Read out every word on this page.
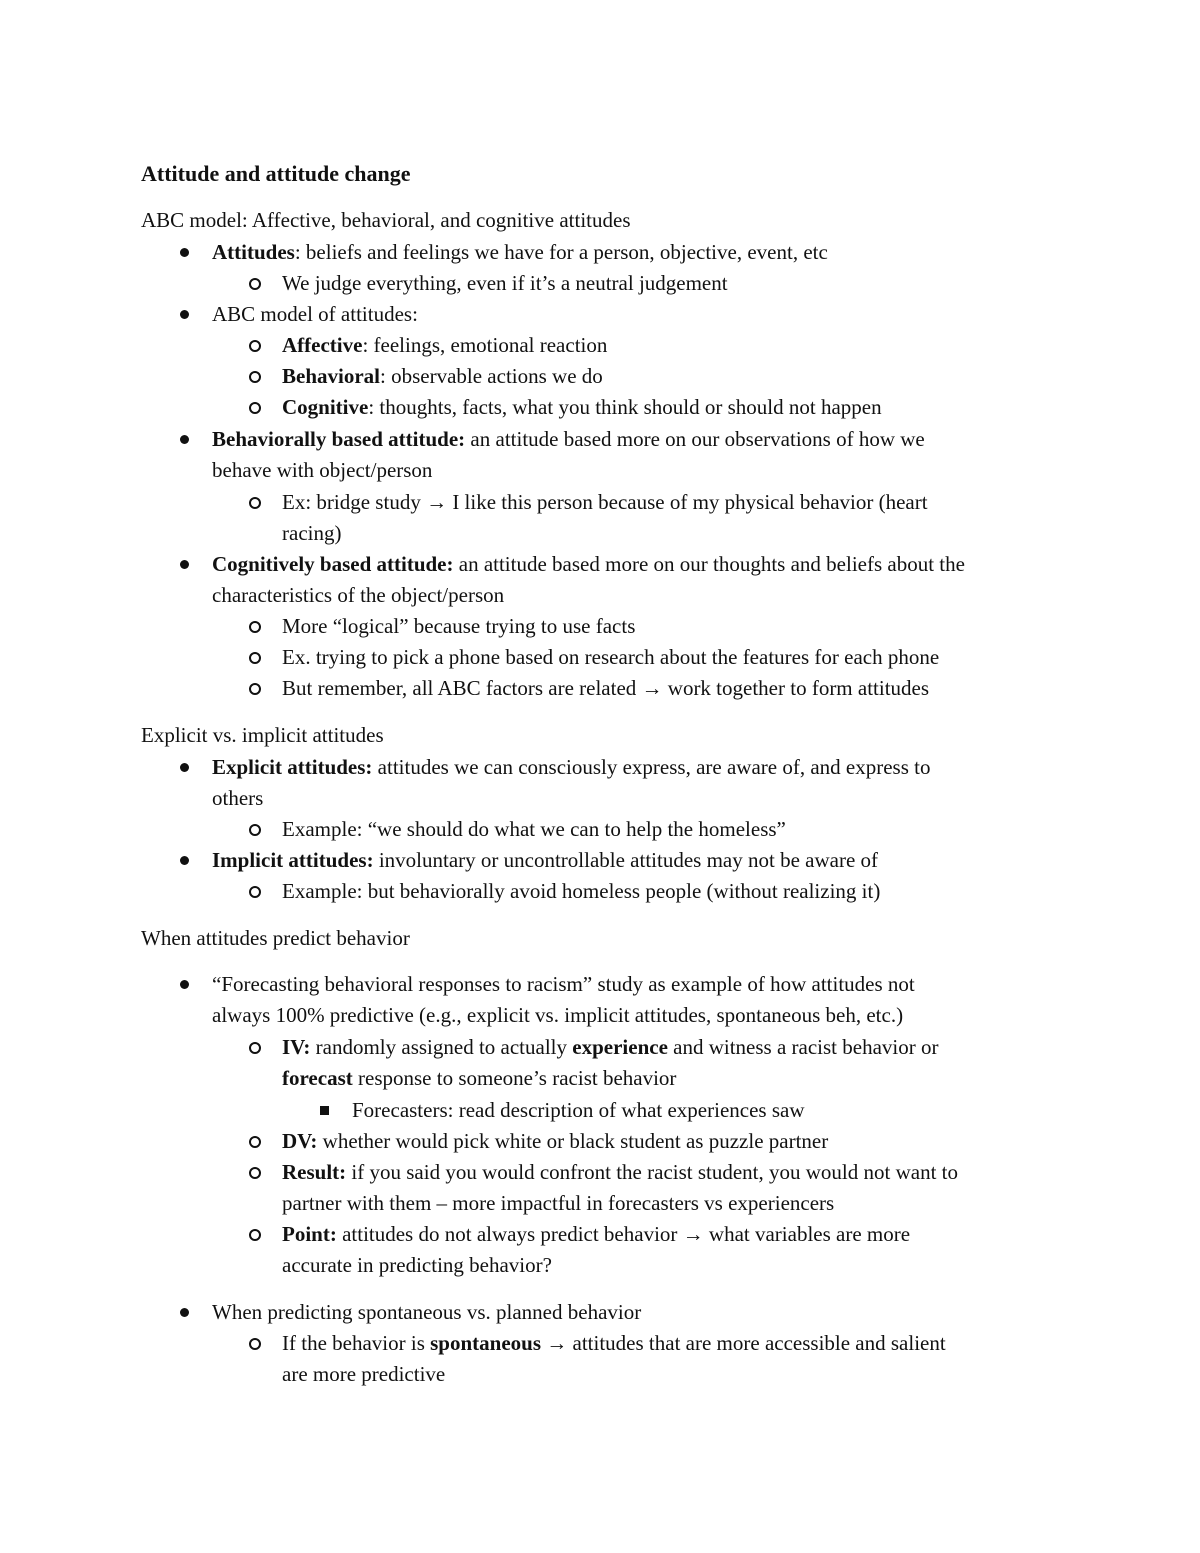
Attitude and attitude change
ABC model: Affective, behavioral, and cognitive attitudes
Attitudes: beliefs and feelings we have for a person, objective, event, etc
We judge everything, even if it’s a neutral judgement
ABC model of attitudes:
Affective: feelings, emotional reaction
Behavioral: observable actions we do
Cognitive: thoughts, facts, what you think should or should not happen
Behaviorally based attitude: an attitude based more on our observations of how we
behave with object/person
Ex: bridge study → I like this person because of my physical behavior (heart
racing)
Cognitively based attitude: an attitude based more on our thoughts and beliefs about the
characteristics of the object/person
More “logical” because trying to use facts
Ex. trying to pick a phone based on research about the features for each phone
But remember, all ABC factors are related → work together to form attitudes
Explicit vs. implicit attitudes
Explicit attitudes: attitudes we can consciously express, are aware of, and express to
others
Example: “we should do what we can to help the homeless”
Implicit attitudes: involuntary or uncontrollable attitudes may not be aware of
Example: but behaviorally avoid homeless people (without realizing it)
When attitudes predict behavior
“Forecasting behavioral responses to racism” study as example of how attitudes not
always 100% predictive (e.g., explicit vs. implicit attitudes, spontaneous beh, etc.)
IV: randomly assigned to actually experience and witness a racist behavior or
forecast response to someone’s racist behavior
Forecasters: read description of what experiences saw
DV: whether would pick white or black student as puzzle partner
Result: if you said you would confront the racist student, you would not want to
partner with them – more impactful in forecasters vs experiencers
Point: attitudes do not always predict behavior → what variables are more
accurate in predicting behavior?
When predicting spontaneous vs. planned behavior
If the behavior is spontaneous → attitudes that are more accessible and salient
are more predictive
